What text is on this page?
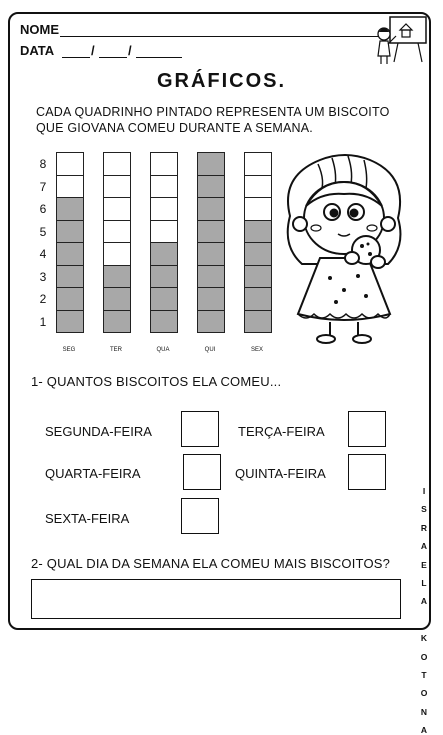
NOME
DATA	/	/
GRÁFICOS.
CADA QUADRINHO PINTADO REPRESENTA UM BISCOITO
QUE GIOVANA COMEU DURANTE A SEMANA.
8
7
6
5
4
3
2
1
SEG	TER	QUA	QUI	SEX
1- QUANTOS BISCOITOS ELA COMEU...
SEGUNDA-FEIRA	TERÇA-FEIRA
QUARTA-FEIRA	QUINTA-FEIRA
SEXTA-FEIRA
2- QUAL DIA DA SEMANA ELA COMEU MAIS BISCOITOS?
I

S

R

A

E

L

A

K

O

T

O

N

A
